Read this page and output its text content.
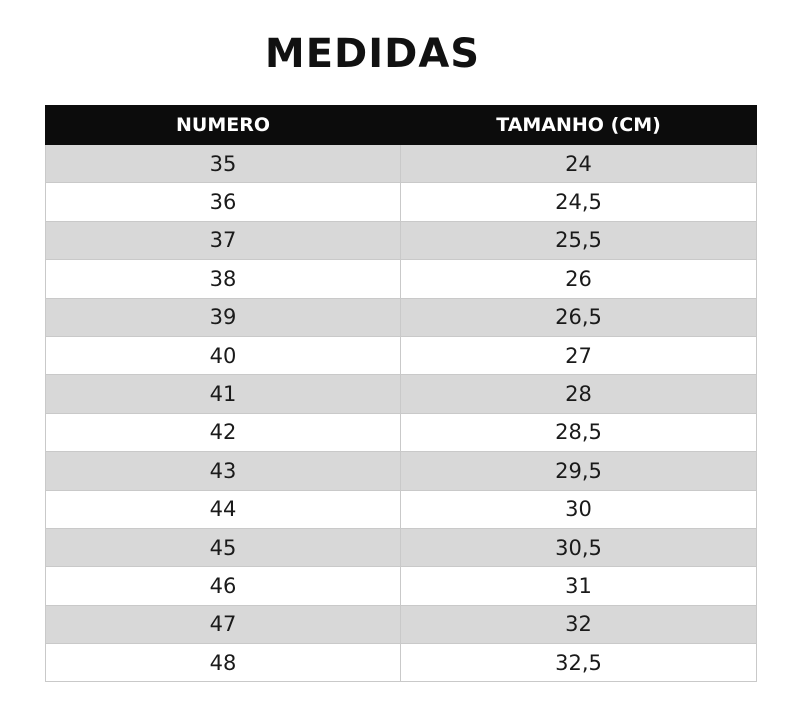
MEDIDAS
NUMERO	TAMANHO (CM)
35	24
36	24,5
37	25,5
38	26
39	26,5
40	27
41	28
42	28,5
43	29,5
44	30
45	30,5
46	31
47	32
48	32,5
